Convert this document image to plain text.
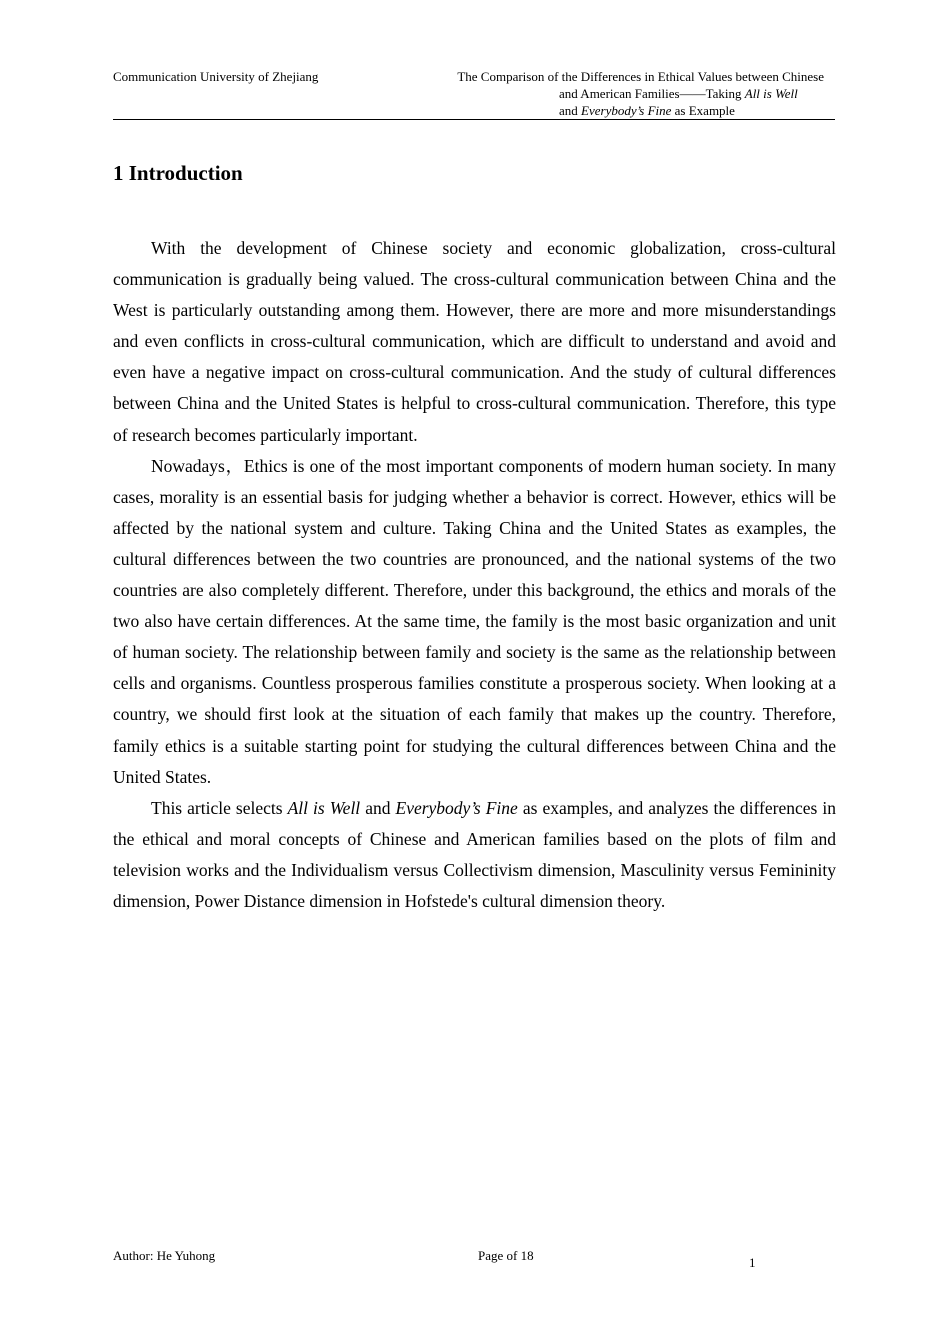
Communication University of Zhejiang	The Comparison of the Differences in Ethical Values between Chinese
and American Families——Taking All is Well
and Everybody’s Fine as Example
1 Introduction

With the development of Chinese society and economic globalization, cross-cultural communication is gradually being valued. The cross-cultural communication between China and the West is particularly outstanding among them. However, there are more and more misunderstandings and even conflicts in cross-cultural communication, which are difficult to understand and avoid and even have a negative impact on cross-cultural communication. And the study of cultural differences between China and the United States is helpful to cross-cultural communication. Therefore, this type of research becomes particularly important.

Nowadays，Ethics is one of the most important components of modern human society. In many cases, morality is an essential basis for judging whether a behavior is correct. However, ethics will be affected by the national system and culture. Taking China and the United States as examples, the cultural differences between the two countries are pronounced, and the national systems of the two countries are also completely different. Therefore, under this background, the ethics and morals of the two also have certain differences. At the same time, the family is the most basic organization and unit of human society. The relationship between family and society is the same as the relationship between cells and organisms. Countless prosperous families constitute a prosperous society. When looking at a country, we should first look at the situation of each family that makes up the country. Therefore, family ethics is a suitable starting point for studying the cultural differences between China and the United States.

This article selects All is Well and Everybody’s Fine as examples, and analyzes the differences in the ethical and moral concepts of Chinese and American families based on the plots of film and television works and the Individualism versus Collectivism dimension, Masculinity versus Femininity dimension, Power Distance dimension in Hofstede's cultural dimension theory.

Author: He Yuhong	Page of 18	1
